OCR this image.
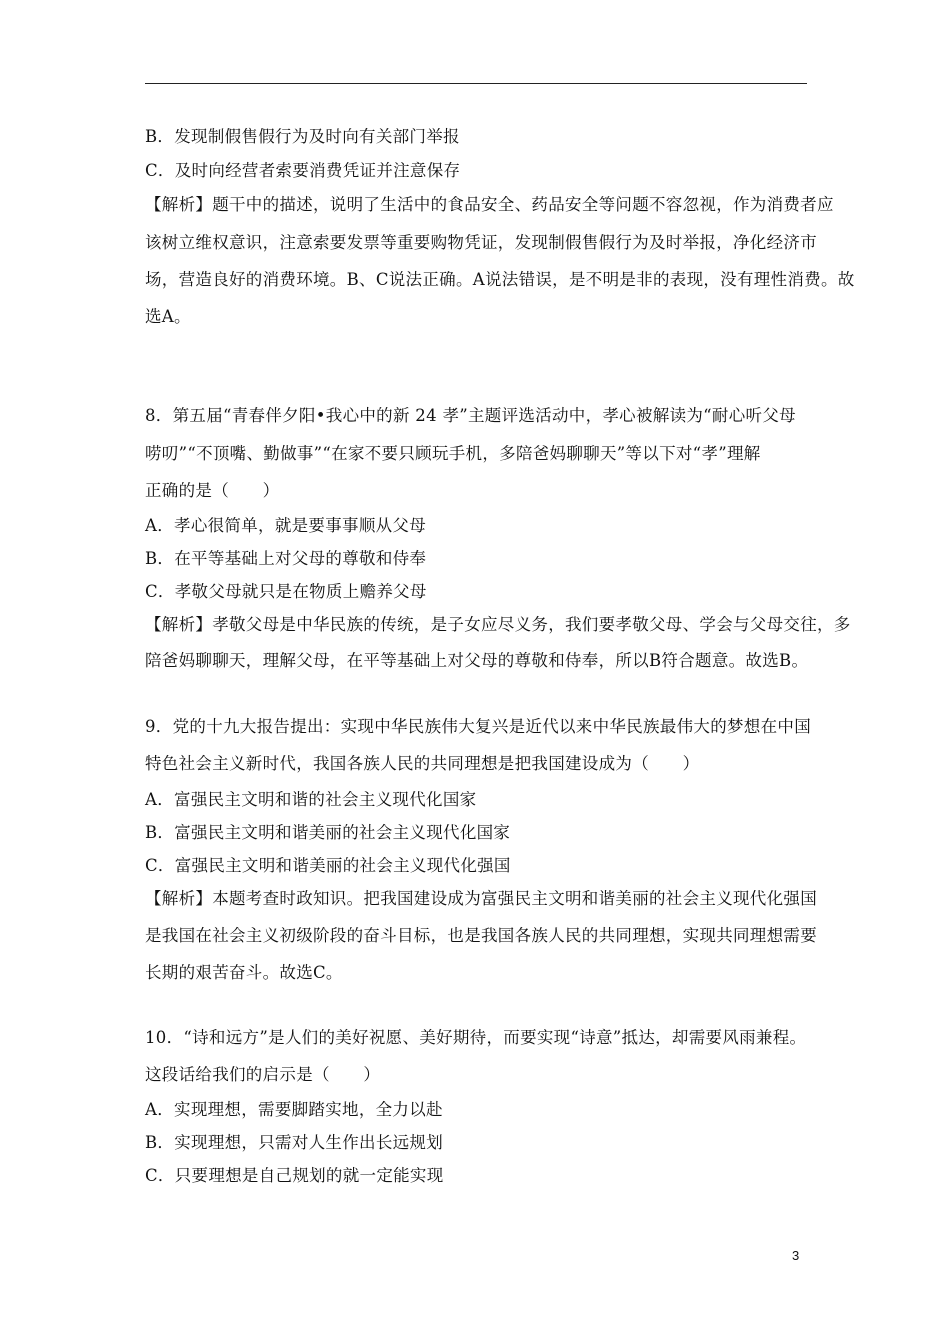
B．发现制假售假行为及时向有关部门举报
C．及时向经营者索要消费凭证并注意保存
【解析】题干中的描述，说明了生活中的食品安全、药品安全等问题不容忽视，作为消费者应
该树立维权意识，注意索要发票等重要购物凭证，发现制假售假行为及时举报，净化经济市
场，营造良好的消费环境。B、C说法正确。A说法错误，是不明是非的表现，没有理性消费。故
选A。
8．第五届“青春伴夕阳•我心中的新 24 孝”主题评选活动中，孝心被解读为“耐心听父母
唠叨”“不顶嘴、勤做事”“在家不要只顾玩手机，多陪爸妈聊聊天”等以下对“孝”理解
正确的是（　　）
A．孝心很简单，就是要事事顺从父母
B．在平等基础上对父母的尊敬和侍奉
C．孝敬父母就只是在物质上赡养父母
【解析】孝敬父母是中华民族的传统，是子女应尽义务，我们要孝敬父母、学会与父母交往，多
陪爸妈聊聊天，理解父母，在平等基础上对父母的尊敬和侍奉，所以B符合题意。故选B。
9．党的十九大报告提出：实现中华民族伟大复兴是近代以来中华民族最伟大的梦想在中国
特色社会主义新时代，我国各族人民的共同理想是把我国建设成为（　　）
A．富强民主文明和谐的社会主义现代化国家
B．富强民主文明和谐美丽的社会主义现代化国家
C．富强民主文明和谐美丽的社会主义现代化强国
【解析】本题考查时政知识。把我国建设成为富强民主文明和谐美丽的社会主义现代化强国
是我国在社会主义初级阶段的奋斗目标，也是我国各族人民的共同理想，实现共同理想需要
长期的艰苦奋斗。故选C。
10．“诗和远方”是人们的美好祝愿、美好期待，而要实现“诗意”抵达，却需要风雨兼程。
这段话给我们的启示是（　　）
A．实现理想，需要脚踏实地，全力以赴
B．实现理想，只需对人生作出长远规划
C．只要理想是自己规划的就一定能实现
3
